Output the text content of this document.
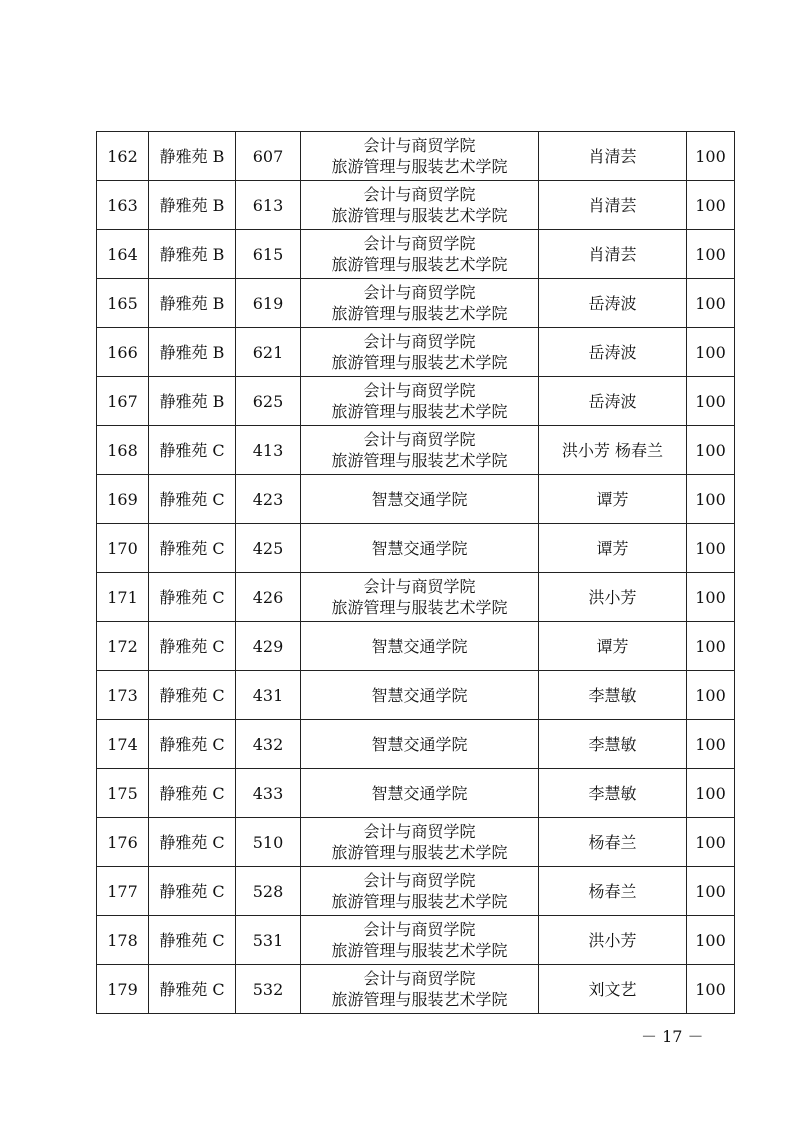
162	静雅苑 B	607	会计与商贸学院
旅游管理与服装艺术学院	肖清芸	100
163	静雅苑 B	613	会计与商贸学院
旅游管理与服装艺术学院	肖清芸	100
164	静雅苑 B	615	会计与商贸学院
旅游管理与服装艺术学院	肖清芸	100
165	静雅苑 B	619	会计与商贸学院
旅游管理与服装艺术学院	岳涛波	100
166	静雅苑 B	621	会计与商贸学院
旅游管理与服装艺术学院	岳涛波	100
167	静雅苑 B	625	会计与商贸学院
旅游管理与服装艺术学院	岳涛波	100
168	静雅苑 C	413	会计与商贸学院
旅游管理与服装艺术学院	洪小芳 杨春兰	100
169	静雅苑 C	423	智慧交通学院	谭芳	100
170	静雅苑 C	425	智慧交通学院	谭芳	100
171	静雅苑 C	426	会计与商贸学院
旅游管理与服装艺术学院	洪小芳	100
172	静雅苑 C	429	智慧交通学院	谭芳	100
173	静雅苑 C	431	智慧交通学院	李慧敏	100
174	静雅苑 C	432	智慧交通学院	李慧敏	100
175	静雅苑 C	433	智慧交通学院	李慧敏	100
176	静雅苑 C	510	会计与商贸学院
旅游管理与服装艺术学院	杨春兰	100
177	静雅苑 C	528	会计与商贸学院
旅游管理与服装艺术学院	杨春兰	100
178	静雅苑 C	531	会计与商贸学院
旅游管理与服装艺术学院	洪小芳	100
179	静雅苑 C	532	会计与商贸学院
旅游管理与服装艺术学院	刘文艺	100
－ 17 －
